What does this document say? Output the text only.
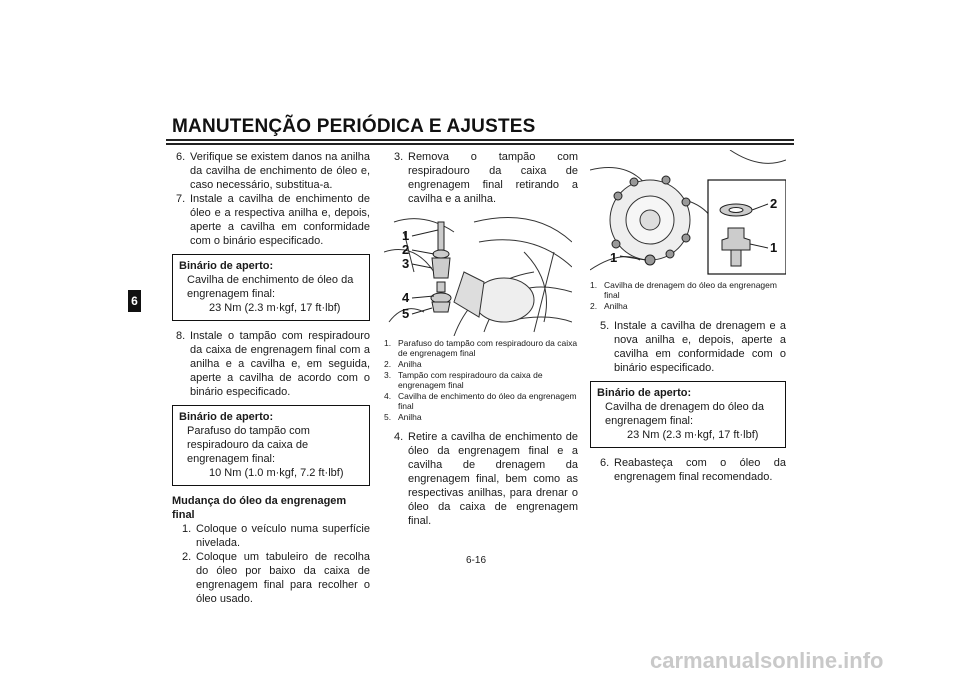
MANUTENÇÃO PERIÓDICA E AJUSTES
6
6. Verifique se existem danos na anilha da cavilha de enchimento de óleo e, caso necessário, substitua-a.
7. Instale a cavilha de enchimento de óleo e a respectiva anilha e, depois, aperte a cavilha em conformidade com o binário especificado.
Binário de aperto:
Cavilha de enchimento de óleo da engrenagem final:
23 Nm (2.3 m·kgf, 17 ft·lbf)
8. Instale o tampão com respiradouro da caixa de engrenagem final com a anilha e a cavilha e, em seguida, aperte a cavilha de acordo com o binário especificado.
Binário de aperto:
Parafuso do tampão com respiradouro da caixa de engrenagem final:
10 Nm (1.0 m·kgf, 7.2 ft·lbf)
Mudança do óleo da engrenagem final
1. Coloque o veículo numa superfície nivelada.
2. Coloque um tabuleiro de recolha do óleo por baixo da caixa de engrenagem final para recolher o óleo usado.
3. Remova o tampão com respiradouro da caixa de engrenagem final retirando a cavilha e a anilha.
1
2
3
4
5
1. Parafuso do tampão com respiradouro da caixa de engrenagem final
2. Anilha
3. Tampão com respiradouro da caixa de engrenagem final
4. Cavilha de enchimento do óleo da engrenagem final
5. Anilha
4. Retire a cavilha de enchimento de óleo da engrenagem final e a cavilha de drenagem da engrenagem final, bem como as respectivas anilhas, para drenar o óleo da caixa de engrenagem final.
2
1
1
1. Cavilha de drenagem do óleo da engrenagem final
2. Anilha
5. Instale a cavilha de drenagem e a nova anilha e, depois, aperte a cavilha em conformidade com o binário especificado.
Binário de aperto:
Cavilha de drenagem do óleo da engrenagem final:
23 Nm (2.3 m·kgf, 17 ft·lbf)
6. Reabasteça com o óleo da engrenagem final recomendado.
6-16
carmanualsonline.info
